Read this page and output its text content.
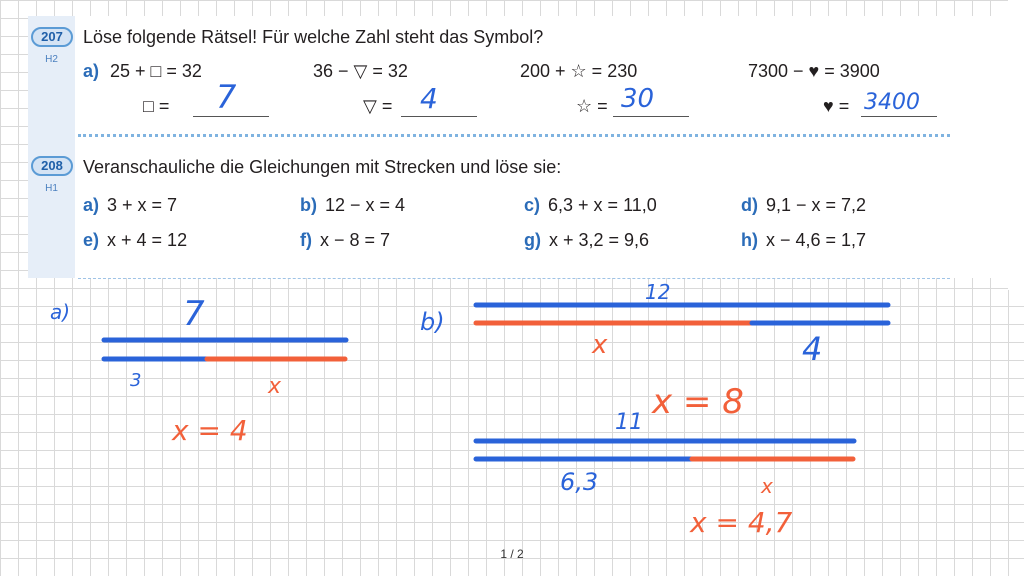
a)	7
3	x
x = 4
b)
12
x	4
x = 8
11
6,3	x
x = 4,7
207
H2
Löse folgende Rätsel! Für welche Zahl steht das Symbol?
a) 25 + □ = 32	36 − ▽ = 32	200 + ☆ = 230	7300 − ♥ = 3900
□ = 7	▽ = 4	☆ = 30	♥ = 3400
208
H1
Veranschauliche die Gleichungen mit Strecken und löse sie:
a) 3 + x = 7	b) 12 − x = 4	c) 6,3 + x = 11,0	d) 9,1 − x = 7,2
e) x + 4 = 12	f) x − 8 = 7	g) x + 3,2 = 9,6	h) x − 4,6 = 1,7
1 / 2
